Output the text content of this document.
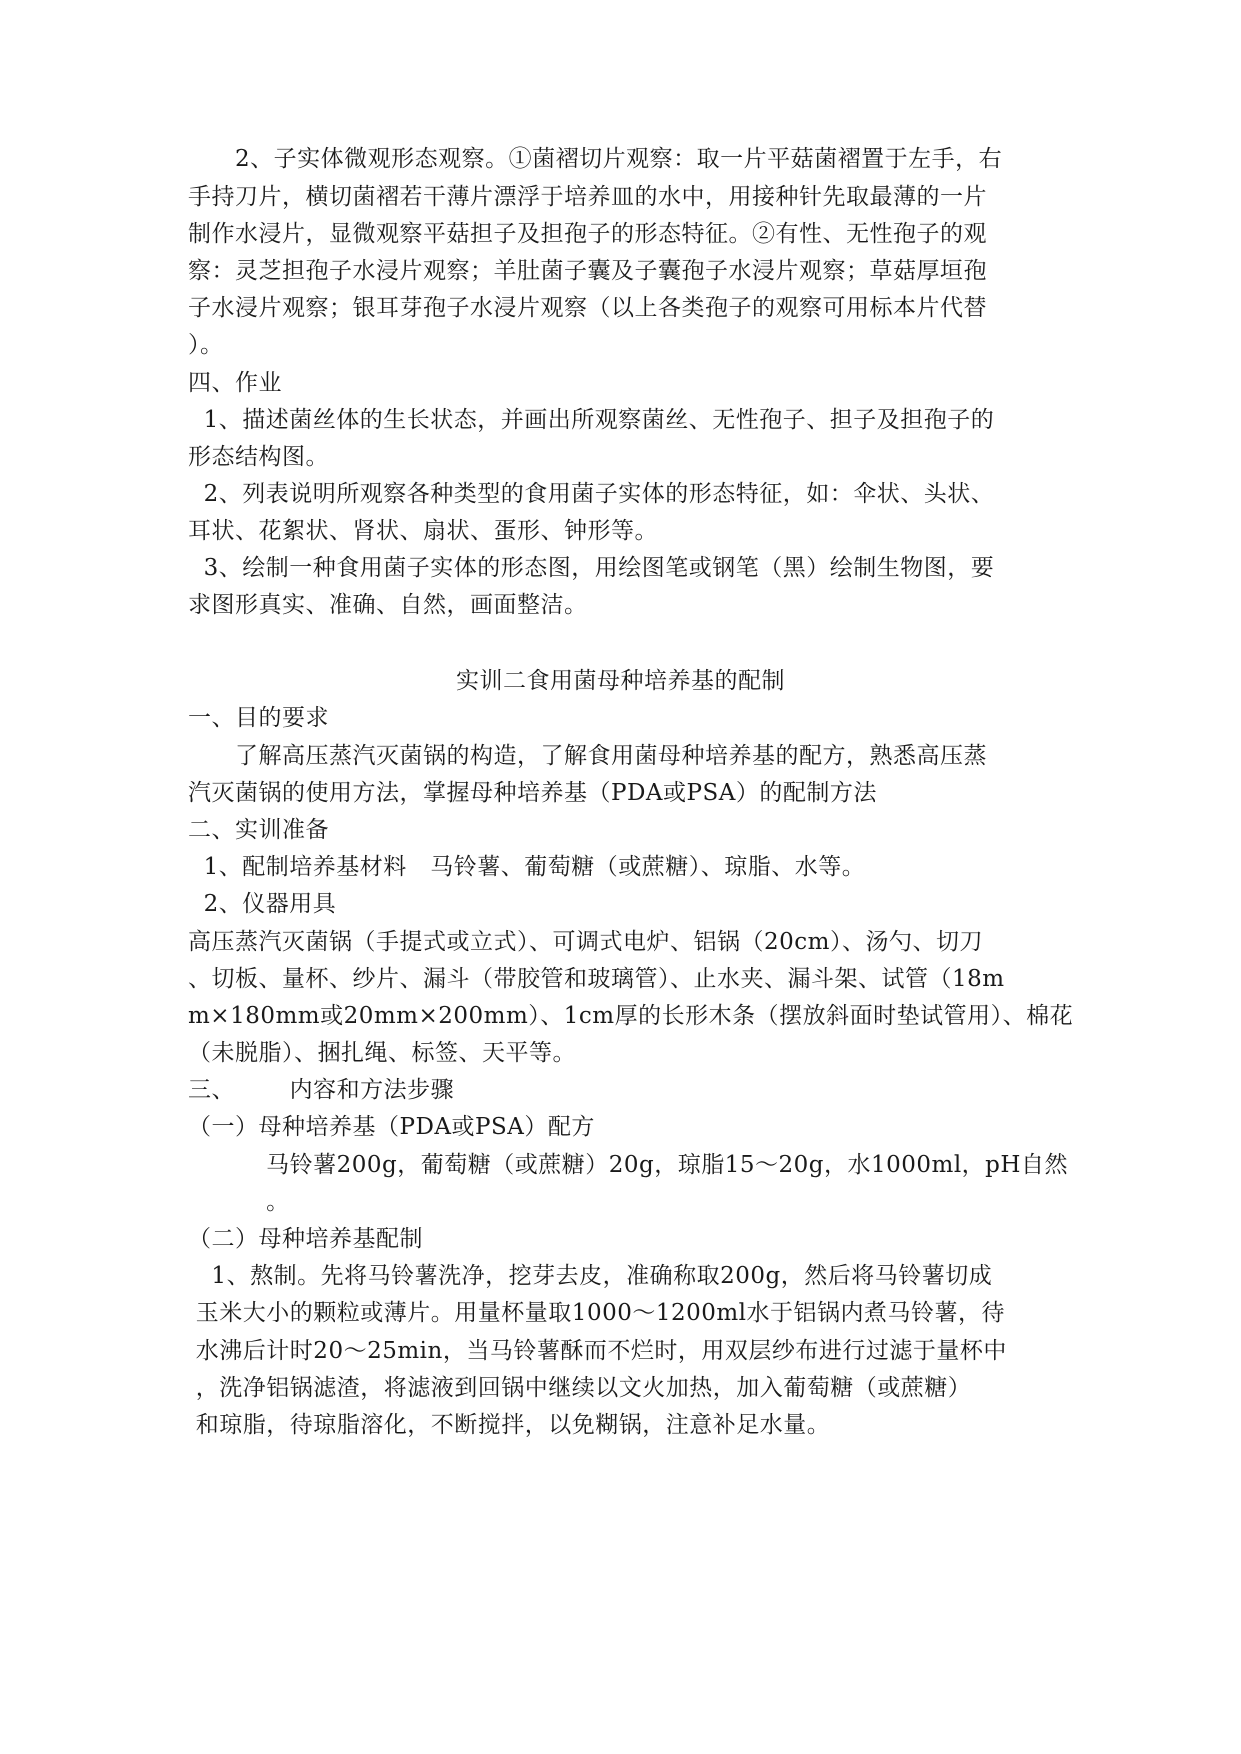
　　2、子实体微观形态观察。①菌褶切片观察：取一片平菇菌褶置于左手，右
手持刀片，横切菌褶若干薄片漂浮于培养皿的水中，用接种针先取最薄的一片
制作水浸片，显微观察平菇担子及担孢子的形态特征。②有性、无性孢子的观
察：灵芝担孢子水浸片观察；羊肚菌子囊及子囊孢子水浸片观察；草菇厚垣孢
子水浸片观察；银耳芽孢子水浸片观察（以上各类孢子的观察可用标本片代替
）。
四、作业
1、描述菌丝体的生长状态，并画出所观察菌丝、无性孢子、担子及担孢子的
形态结构图。
2、列表说明所观察各种类型的食用菌子实体的形态特征，如：伞状、头状、
耳状、花絮状、肾状、扇状、蛋形、钟形等。
3、绘制一种食用菌子实体的形态图，用绘图笔或钢笔（黑）绘制生物图，要
求图形真实、准确、自然，画面整洁。
实训二食用菌母种培养基的配制
一、目的要求
　　了解高压蒸汽灭菌锅的构造，了解食用菌母种培养基的配方，熟悉高压蒸
汽灭菌锅的使用方法，掌握母种培养基（PDA或PSA）的配制方法
二、实训准备
1、配制培养基材料   马铃薯、葡萄糖（或蔗糖）、琼脂、水等。
2、仪器用具
高压蒸汽灭菌锅（手提式或立式）、可调式电炉、铝锅（20cm）、汤勺、切刀
、切板、量杯、纱片、漏斗（带胶管和玻璃管）、止水夹、漏斗架、试管（18m
m×180mm或20mm×200mm）、1cm厚的长形木条（摆放斜面时垫试管用）、棉花
（未脱脂）、捆扎绳、标签、天平等。
三、       内容和方法步骤
（一）母种培养基（PDA或PSA）配方
马铃薯200g，葡萄糖（或蔗糖）20g，琼脂15～20g，水1000ml，pH自然
。
（二）母种培养基配制
1、熬制。先将马铃薯洗净，挖芽去皮，准确称取200g，然后将马铃薯切成
玉米大小的颗粒或薄片。用量杯量取1000～1200ml水于铝锅内煮马铃薯，待
水沸后计时20～25min，当马铃薯酥而不烂时，用双层纱布进行过滤于量杯中
，洗净铝锅滤渣，将滤液到回锅中继续以文火加热，加入葡萄糖（或蔗糖）
和琼脂，待琼脂溶化，不断搅拌，以免糊锅，注意补足水量。
